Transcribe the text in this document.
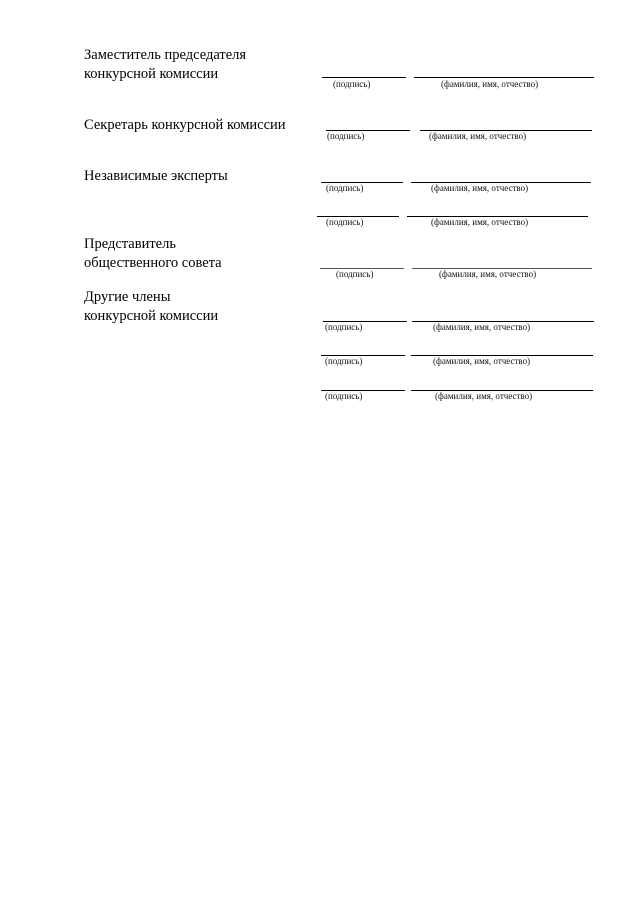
Заместитель председателя
конкурсной комиссии
(подпись)	(фамилия, имя, отчество)
Секретарь конкурсной комиссии
(подпись)	(фамилия, имя, отчество)
Независимые эксперты
(подпись)	(фамилия, имя, отчество)
(подпись)	(фамилия, имя, отчество)
Представитель
общественного совета
(подпись)	(фамилия, имя, отчество)
Другие члены
конкурсной комиссии
(подпись)	(фамилия, имя, отчество)
(подпись)	(фамилия, имя, отчество)
(подпись)	(фамилия, имя, отчество)
